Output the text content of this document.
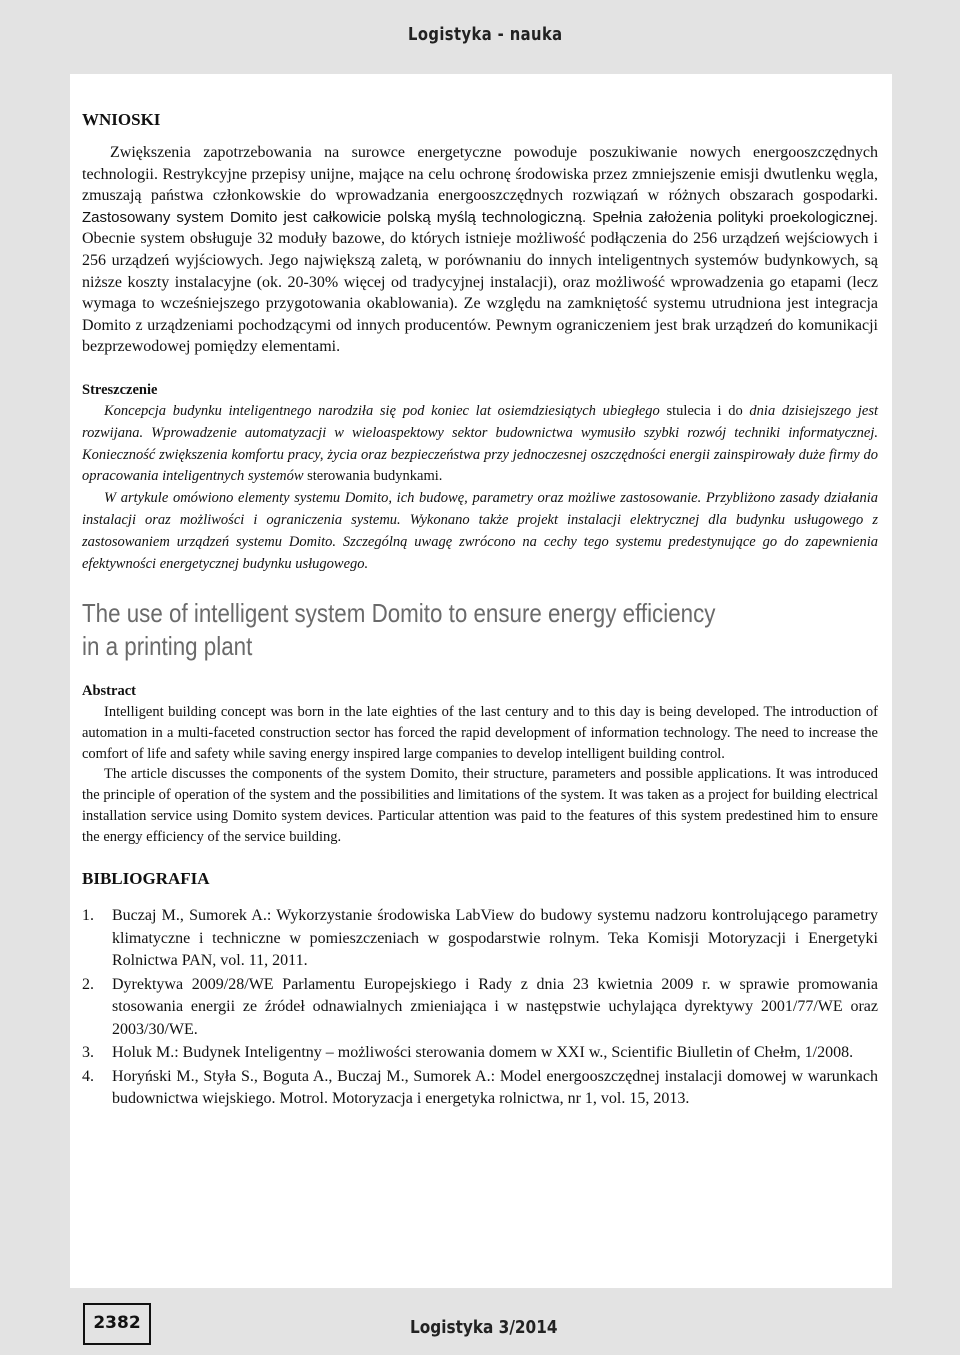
Logistyka - nauka
WNIOSKI

Zwiększenia zapotrzebowania na surowce energetyczne powoduje poszukiwanie nowych energooszczędnych technologii. Restrykcyjne przepisy unijne, mające na celu ochronę środowiska przez zmniejszenie emisji dwutlenku węgla, zmuszają państwa członkowskie do wprowadzania energooszczędnych rozwiązań w różnych obszarach gospodarki. Zastosowany system Domito jest całkowicie polską myślą technologiczną. Spełnia założenia polityki proekologicznej. Obecnie system obsługuje 32 moduły bazowe, do których istnieje możliwość podłączenia do 256 urządzeń wejściowych i 256 urządzeń wyjściowych. Jego największą zaletą, w porównaniu do innych inteligentnych systemów budynkowych, są niższe koszty instalacyjne (ok. 20-30% więcej od tradycyjnej instalacji), oraz możliwość wprowadzenia go etapami (lecz wymaga to wcześniejszego przygotowania okablowania). Ze względu na zamkniętość systemu utrudniona jest integracja Domito z urządzeniami pochodzącymi od innych producentów. Pewnym ograniczeniem jest brak urządzeń do komunikacji bezprzewodowej pomiędzy elementami.

Streszczenie

Koncepcja budynku inteligentnego narodziła się pod koniec lat osiemdziesiątych ubiegłego stulecia i do dnia dzisiejszego jest rozwijana. Wprowadzenie automatyzacji w wieloaspektowy sektor budownictwa wymusiło szybki rozwój techniki informatycznej. Konieczność zwiększenia komfortu pracy, życia oraz bezpieczeństwa przy jednoczesnej oszczędności energii zainspirowały duże firmy do opracowania inteligentnych systemów sterowania budynkami.

W artykule omówiono elementy systemu Domito, ich budowę, parametry oraz możliwe zastosowanie. Przybliżono zasady działania instalacji oraz możliwości i ograniczenia systemu. Wykonano także projekt instalacji elektrycznej dla budynku usługowego z zastosowaniem urządzeń systemu Domito. Szczególną uwagę zwrócono na cechy tego systemu predestynujące go do zapewnienia efektywności energetycznej budynku usługowego.

The use of intelligent system Domito to ensure energy efficiency
in a printing plant
Abstract

Intelligent building concept was born in the late eighties of the last century and to this day is being developed. The introduction of automation in a multi-faceted construction sector has forced the rapid development of information technology. The need to increase the comfort of life and safety while saving energy inspired large companies to develop intelligent building control.

The article discusses the components of the system Domito, their structure, parameters and possible applications. It was introduced the principle of operation of the system and the possibilities and limitations of the system. It was taken as a project for building electrical installation service using Domito system devices. Particular attention was paid to the features of this system predestined him to ensure the energy efficiency of the service building.

BIBLIOGRAFIA
1. Buczaj M., Sumorek A.: Wykorzystanie środowiska LabView do budowy systemu nadzoru kontrolującego parametry klimatyczne i techniczne w pomieszczeniach w gospodarstwie rolnym. Teka Komisji Motoryzacji i Energetyki Rolnictwa PAN, vol. 11, 2011.
2. Dyrektywa 2009/28/WE Parlamentu Europejskiego i Rady z dnia 23 kwietnia 2009 r. w sprawie promowania stosowania energii ze źródeł odnawialnych zmieniająca i w następstwie uchylająca dyrektywy 2001/77/WE oraz 2003/30/WE.
3. Holuk M.: Budynek Inteligentny – możliwości sterowania domem w XXI w., Scientific Biulletin of Chełm, 1/2008.
4. Horyński M., Styła S., Boguta A., Buczaj M., Sumorek A.: Model energooszczędnej instalacji domowej w warunkach budownictwa wiejskiego. Motrol. Motoryzacja i energetyka rolnictwa, nr 1, vol. 15, 2013.
2382	Logistyka 3/2014
